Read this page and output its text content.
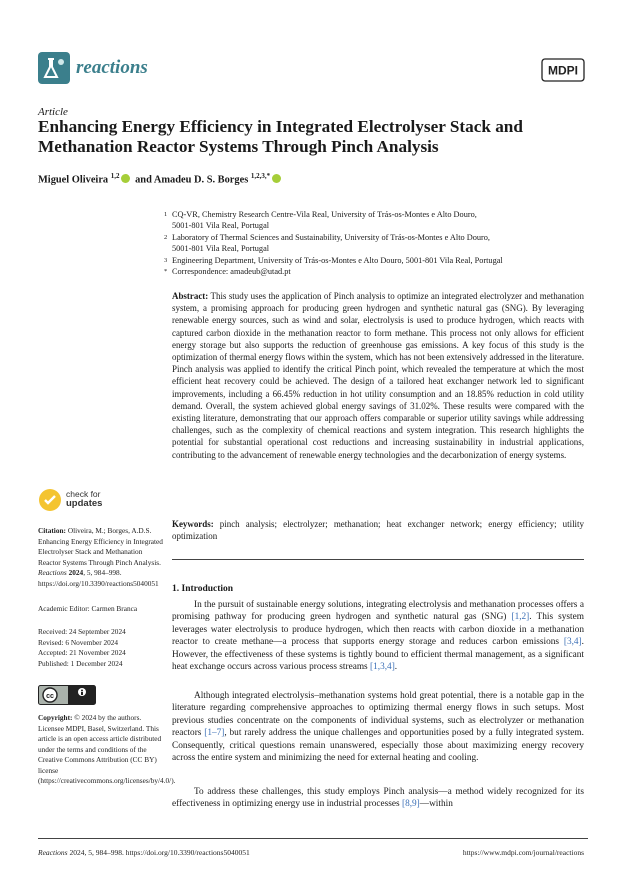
reactions	MDPI
Article
Enhancing Energy Efficiency in Integrated Electrolyser Stack and Methanation Reactor Systems Through Pinch Analysis
Miguel Oliveira $^{1,2}$ and Amadeu D. S. Borges $^{1,2,3,*}$
1 CQ-VR, Chemistry Research Centre-Vila Real, University of Trás-os-Montes e Alto Douro,
5001-801 Vila Real, Portugal
2 Laboratory of Thermal Sciences and Sustainability, University of Trás-os-Montes e Alto Douro,
5001-801 Vila Real, Portugal
3 Engineering Department, University of Trás-os-Montes e Alto Douro, 5001-801 Vila Real, Portugal
* Correspondence: amadeub@utad.pt
Abstract: This study uses the application of Pinch analysis to optimize an integrated electrolyzer and methanation system, a promising approach for producing green hydrogen and synthetic natural gas (SNG). By leveraging renewable energy sources, such as wind and solar, electrolysis is used to produce hydrogen, which reacts with captured carbon dioxide in the methanation reactor to form methane. This process not only allows for efficient energy storage but also supports the reduction of greenhouse gas emissions. A key focus of this study is the optimization of thermal energy flows within the system, which has not been extensively addressed in the literature. Pinch analysis was applied to identify the critical Pinch point, which revealed the temperature at which the most efficient heat recovery could be achieved. The design of a tailored heat exchanger network led to significant improvements, including a 66.45% reduction in hot utility consumption and an 18.85% reduction in cold utility demand. Overall, the system achieved global energy savings of 31.02%. These results were compared with the existing literature, demonstrating that our approach offers comparable or superior utility savings while addressing challenges, such as the complexity of chemical reactions and system integration. This research highlights the potential for substantial operational cost reductions and increasing sustainability in industrial applications, contributing to the advancement of renewable energy technologies and the decarbonization of energy systems.
Keywords: pinch analysis; electrolyzer; methanation; heat exchanger network; energy efficiency; utility optimization
1. Introduction
In the pursuit of sustainable energy solutions, integrating electrolysis and methanation processes offers a promising pathway for producing green hydrogen and synthetic natural gas (SNG) [1,2]. This system leverages water electrolysis to produce hydrogen, which then reacts with carbon dioxide in a methanation reactor to create methane—a process that supports energy storage and reduces carbon emissions [3,4]. However, the effectiveness of these systems is tightly bound to efficient thermal management, as a significant heat exchange occurs across various process streams [1,3,4].
Although integrated electrolysis–methanation systems hold great potential, there is a notable gap in the literature regarding comprehensive approaches to optimizing thermal energy flows in such setups. Most previous studies concentrate on the components of individual systems, such as electrolyzer or methanation reactors [1–7], but rarely address the unique challenges and opportunities posed by a fully integrated system. Consequently, critical questions remain unanswered, especially those about maximizing energy recovery across the entire system and minimizing the need for external heating and cooling.
To address these challenges, this study employs Pinch analysis—a method widely recognized for its effectiveness in optimizing energy use in industrial processes [8,9]—within
check for
updates
Citation: Oliveira, M.; Borges, A.D.S. Enhancing Energy Efficiency in Integrated Electrolyser Stack and Methanation Reactor Systems Through Pinch Analysis. Reactions 2024, 5, 984–998. https://doi.org/10.3390/reactions5040051
Academic Editor: Carmen Branca
Received: 24 September 2024
Revised: 6 November 2024
Accepted: 21 November 2024
Published: 1 December 2024
cc
Copyright: © 2024 by the authors. Licensee MDPI, Basel, Switzerland. This article is an open access article distributed under the terms and conditions of the Creative Commons Attribution (CC BY) license (https://creativecommons.org/licenses/by/4.0/).
Reactions 2024, 5, 984–998. https://doi.org/10.3390/reactions5040051	https://www.mdpi.com/journal/reactions
